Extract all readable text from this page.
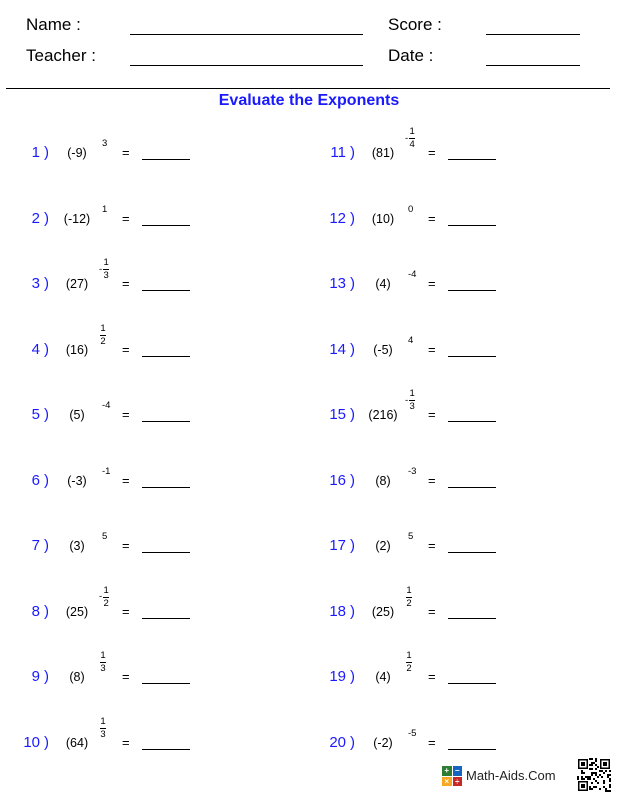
Name :	Score :
Teacher :	Date :
Evaluate the Exponents
1 )	(-9)
3
=
2 )	(-12)
1
=
3 )	(27)
- $\frac{1}{3}$
=
4 )	(16)
$\frac{1}{2}$
=
5 )	(5)
-4
=
6 )	(-3)
-1
=
7 )	(3)
5
=
8 )	(25)
- $\frac{1}{2}$
=
9 )	(8)
$\frac{1}{3}$
=
10 )	(64)
$\frac{1}{3}$
=
11 )	(81)
- $\frac{1}{4}$
=
12 )	(10)
0
=
13 )	(4)
-4
=
14 )	(-5)
4
=
15 )	(216)
- $\frac{1}{3}$
=
16 )	(8)
-3
=
17 )	(2)
5
=
18 )	(25)
$\frac{1}{2}$
=
19 )	(4)
$\frac{1}{2}$
=
20 )	(-2)
-5
=
+ −
× ÷ Math-Aids.Com
